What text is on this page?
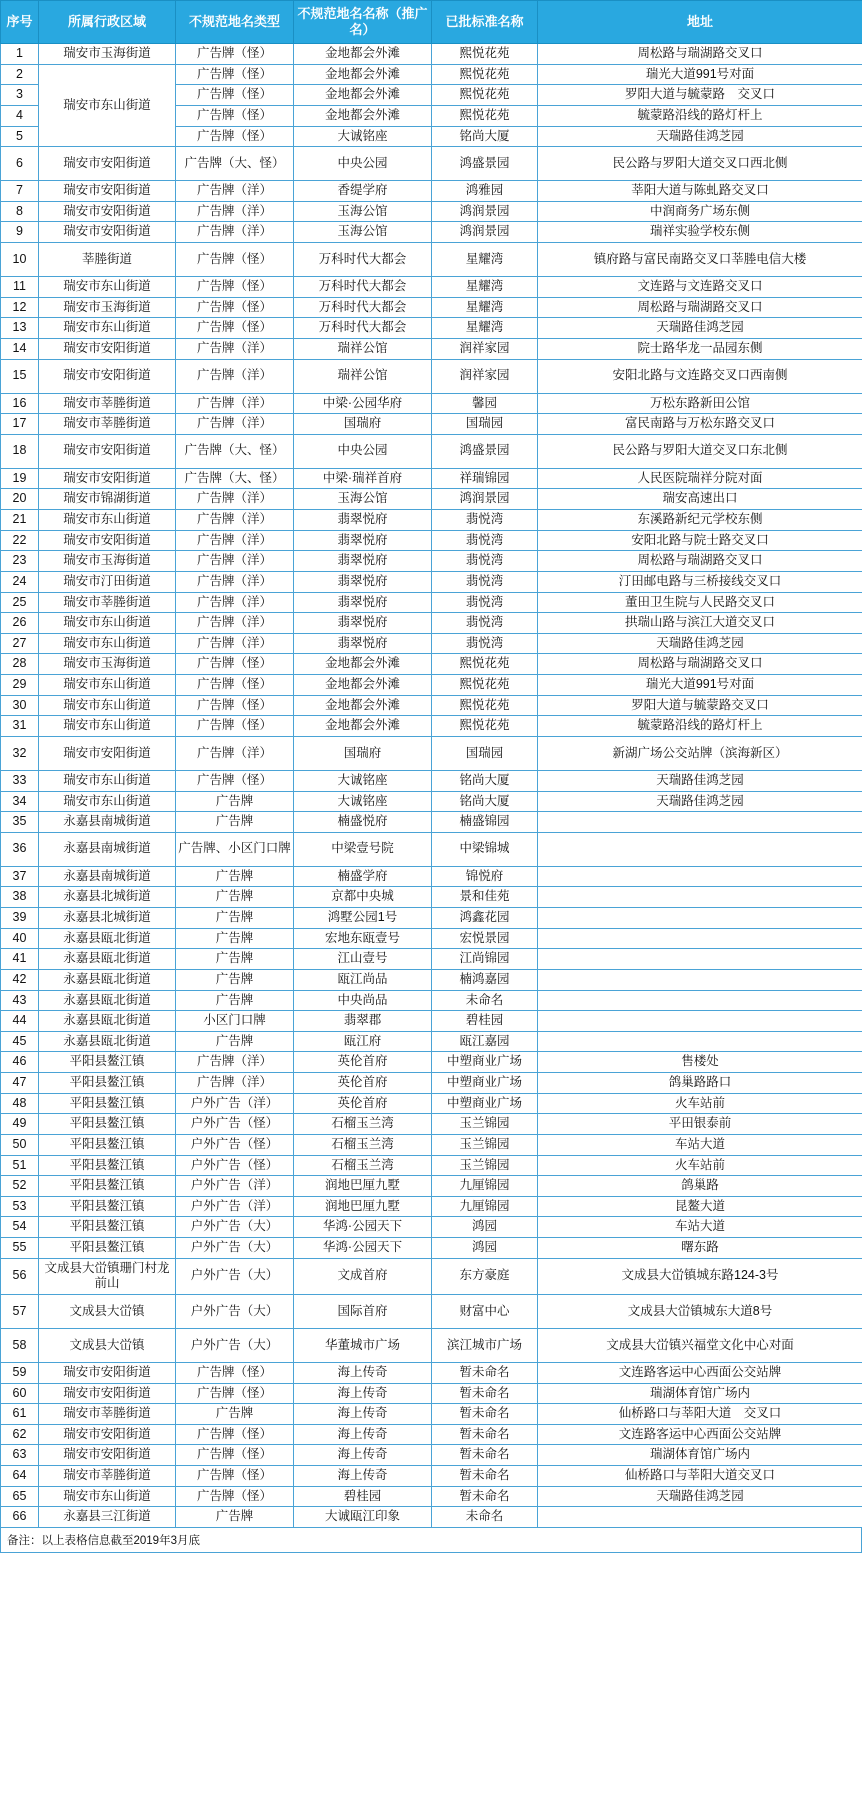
序号	所属行政区域	不规范地名类型	不规范地名名称（推广名）	已批标准名称	地址
1	瑞安市玉海街道	广告牌（怪）	金地都会外滩	熙悦花苑	周松路与瑞湖路交叉口
2	瑞安市东山街道	广告牌（怪）	金地都会外滩	熙悦花苑	瑞光大道991号对面
3		广告牌（怪）	金地都会外滩	熙悦花苑	罗阳大道与毓蒙路　交叉口
4		广告牌（怪）	金地都会外滩	熙悦花苑	毓蒙路沿线的路灯杆上
5		广告牌（怪）	大诚铭座	铭尚大厦	天瑞路佳鸿芝园
6	瑞安市安阳街道	广告牌（大、怪）	中央公园	鸿盛景园	民公路与罗阳大道交叉口西北侧
7	瑞安市安阳街道	广告牌（洋）	香缇学府	鸿雅园	莘阳大道与陈虬路交叉口
8	瑞安市安阳街道	广告牌（洋）	玉海公馆	鸿润景园	中润商务广场东侧
9	瑞安市安阳街道	广告牌（洋）	玉海公馆	鸿润景园	瑞祥实验学校东侧
10	莘塍街道	广告牌（怪）	万科时代大都会	星耀湾	镇府路与富民南路交叉口莘塍电信大楼
11	瑞安市东山街道	广告牌（怪）	万科时代大都会	星耀湾	文连路与文连路交叉口
12	瑞安市玉海街道	广告牌（怪）	万科时代大都会	星耀湾	周松路与瑞湖路交叉口
13	瑞安市东山街道	广告牌（怪）	万科时代大都会	星耀湾	天瑞路佳鸿芝园
14	瑞安市安阳街道	广告牌（洋）	瑞祥公馆	润祥家园	院士路华龙一品园东侧
15	瑞安市安阳街道	广告牌（洋）	瑞祥公馆	润祥家园	安阳北路与文连路交叉口西南侧
16	瑞安市莘塍街道	广告牌（洋）	中梁·公园华府	馨园	万松东路新田公馆
17	瑞安市莘塍街道	广告牌（洋）	国瑞府	国瑞园	富民南路与万松东路交叉口
18	瑞安市安阳街道	广告牌（大、怪）	中央公园	鸿盛景园	民公路与罗阳大道交叉口东北侧
19	瑞安市安阳街道	广告牌（大、怪）	中梁·瑞祥首府	祥瑞锦园	人民医院瑞祥分院对面
20	瑞安市锦湖街道	广告牌（洋）	玉海公馆	鸿润景园	瑞安高速出口
21	瑞安市东山街道	广告牌（洋）	翡翠悦府	翡悦湾	东溪路新纪元学校东侧
22	瑞安市安阳街道	广告牌（洋）	翡翠悦府	翡悦湾	安阳北路与院士路交叉口
23	瑞安市玉海街道	广告牌（洋）	翡翠悦府	翡悦湾	周松路与瑞湖路交叉口
24	瑞安市汀田街道	广告牌（洋）	翡翠悦府	翡悦湾	汀田邮电路与三桥接线交叉口
25	瑞安市莘塍街道	广告牌（洋）	翡翠悦府	翡悦湾	董田卫生院与人民路交叉口
26	瑞安市东山街道	广告牌（洋）	翡翠悦府	翡悦湾	拱瑞山路与滨江大道交叉口
27	瑞安市东山街道	广告牌（洋）	翡翠悦府	翡悦湾	天瑞路佳鸿芝园
28	瑞安市玉海街道	广告牌（怪）	金地都会外滩	熙悦花苑	周松路与瑞湖路交叉口
29	瑞安市东山街道	广告牌（怪）	金地都会外滩	熙悦花苑	瑞光大道991号对面
30	瑞安市东山街道	广告牌（怪）	金地都会外滩	熙悦花苑	罗阳大道与毓蒙路交叉口
31	瑞安市东山街道	广告牌（怪）	金地都会外滩	熙悦花苑	毓蒙路沿线的路灯杆上
32	瑞安市安阳街道	广告牌（洋）	国瑞府	国瑞园	新湖广场公交站牌（滨海新区）
33	瑞安市东山街道	广告牌（怪）	大诚铭座	铭尚大厦	天瑞路佳鸿芝园
34	瑞安市东山街道	广告牌	大诚铭座	铭尚大厦	天瑞路佳鸿芝园
35	永嘉县南城街道	广告牌	楠盛悦府	楠盛锦园	
36	永嘉县南城街道	广告牌、小区门口牌	中梁壹号院	中梁锦城	
37	永嘉县南城街道	广告牌	楠盛学府	锦悦府	
38	永嘉县北城街道	广告牌	京都中央城	景和佳苑	
39	永嘉县北城街道	广告牌	鸿墅公园1号	鸿鑫花园	
40	永嘉县瓯北街道	广告牌	宏地东瓯壹号	宏悦景园	
41	永嘉县瓯北街道	广告牌	江山壹号	江尚锦园	
42	永嘉县瓯北街道	广告牌	瓯江尚品	楠鸿嘉园	
43	永嘉县瓯北街道	广告牌	中央尚品	未命名	
44	永嘉县瓯北街道	小区门口牌	翡翠郡	碧桂园	
45	永嘉县瓯北街道	广告牌	瓯江府	瓯江嘉园	
46	平阳县鳌江镇	广告牌（洋）	英伦首府	中塑商业广场	售楼处
47	平阳县鳌江镇	广告牌（洋）	英伦首府	中塑商业广场	鸽巢路路口
48	平阳县鳌江镇	户外广告（洋）	英伦首府	中塑商业广场	火车站前
49	平阳县鳌江镇	户外广告（怪）	石榴玉兰湾	玉兰锦园	平田银泰前
50	平阳县鳌江镇	户外广告（怪）	石榴玉兰湾	玉兰锦园	车站大道
51	平阳县鳌江镇	户外广告（怪）	石榴玉兰湾	玉兰锦园	火车站前
52	平阳县鳌江镇	户外广告（洋）	润地巴厘九墅	九厘锦园	鸽巢路
53	平阳县鳌江镇	户外广告（洋）	润地巴厘九墅	九厘锦园	昆鳌大道
54	平阳县鳌江镇	户外广告（大）	华鸿·公园天下	鸿园	车站大道
55	平阳县鳌江镇	户外广告（大）	华鸿·公园天下	鸿园	曙东路
56	文成县大峃镇珊门村龙前山	户外广告（大）	文成首府	东方豪庭	文成县大峃镇城东路124-3号
57	文成县大峃镇	户外广告（大）	国际首府	财富中心	文成县大峃镇城东大道8号
58	文成县大峃镇	户外广告（大）	华董城市广场	滨江城市广场	文成县大峃镇兴福堂文化中心对面
59	瑞安市安阳街道	广告牌（怪）	海上传奇	暂未命名	文连路客运中心西面公交站牌
60	瑞安市安阳街道	广告牌（怪）	海上传奇	暂未命名	瑞湖体育馆广场内
61	瑞安市莘塍街道	广告牌	海上传奇	暂未命名	仙桥路口与莘阳大道　交叉口
62	瑞安市安阳街道	广告牌（怪）	海上传奇	暂未命名	文连路客运中心西面公交站牌
63	瑞安市安阳街道	广告牌（怪）	海上传奇	暂未命名	瑞湖体育馆广场内
64	瑞安市莘塍街道	广告牌（怪）	海上传奇	暂未命名	仙桥路口与莘阳大道交叉口
65	瑞安市东山街道	广告牌（怪）	碧桂园	暂未命名	天瑞路佳鸿芝园
66	永嘉县三江街道	广告牌	大诚瓯江印象	未命名	
备注：以上表格信息截至2019年3月底
